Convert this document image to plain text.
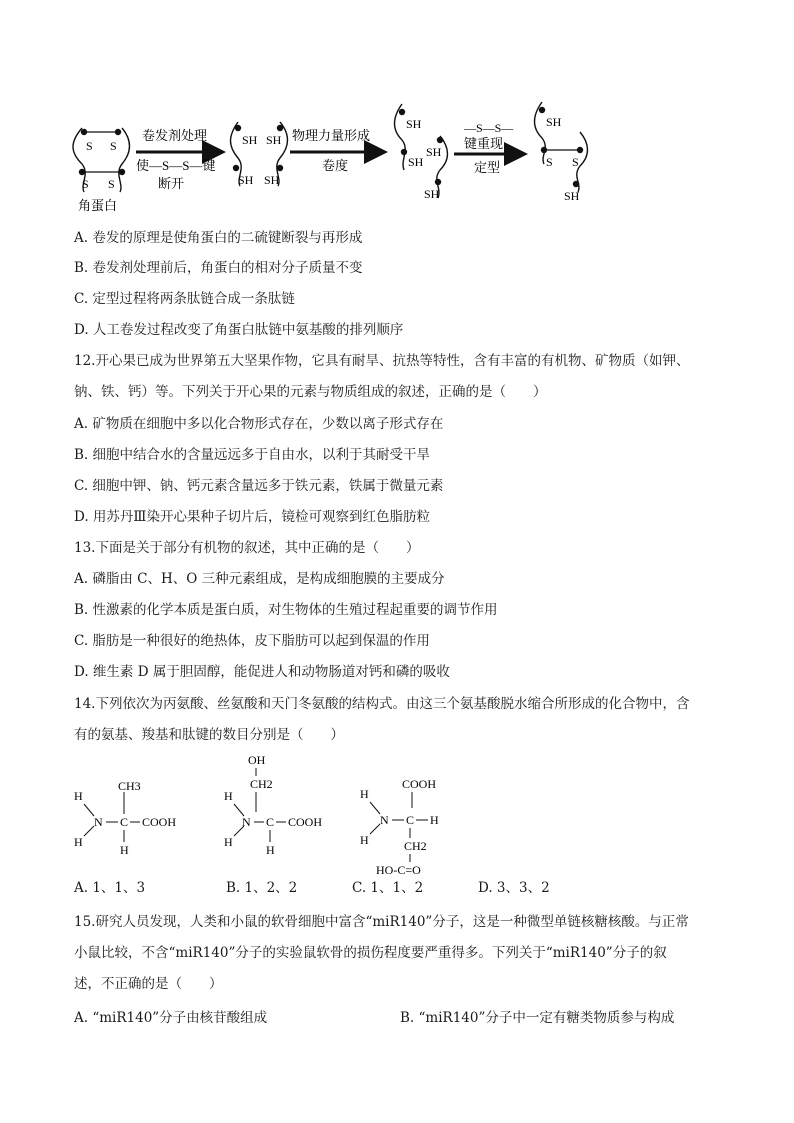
S S
S S
角蛋白
卷发剂处理
使—S—S—键
断开
SH SH
SH SH
物理力量形成
卷度
SH
SH
SH
SH
—S—S—
键重现
定型
SH
S S
SH
A. 卷发的原理是使角蛋白的二硫键断裂与再形成
B. 卷发剂处理前后，角蛋白的相对分子质量不变
C. 定型过程将两条肽链合成一条肽链
D. 人工卷发过程改变了角蛋白肽链中氨基酸的排列顺序
12.开心果已成为世界第五大坚果作物，它具有耐旱、抗热等特性，含有丰富的有机物、矿物质（如钾、
钠、铁、钙）等。下列关于开心果的元素与物质组成的叙述，正确的是（　　）
A. 矿物质在细胞中多以化合物形式存在，少数以离子形式存在
B. 细胞中结合水的含量远远多于自由水，以利于其耐受干旱
C. 细胞中钾、钠、钙元素含量远多于铁元素，铁属于微量元素
D. 用苏丹Ⅲ染开心果种子切片后，镜检可观察到红色脂肪粒
13.下面是关于部分有机物的叙述，其中正确的是（　　）
A. 磷脂由 C、H、O 三种元素组成，是构成细胞膜的主要成分
B. 性激素的化学本质是蛋白质，对生物体的生殖过程起重要的调节作用
C. 脂肪是一种很好的绝热体，皮下脂肪可以起到保温的作用
D. 维生素 D 属于胆固醇，能促进人和动物肠道对钙和磷的吸收
14.下列依次为丙氨酸、丝氨酸和天门冬氨酸的结构式。由这三个氨基酸脱水缩合所形成的化合物中，含
有的氨基、羧基和肽键的数目分别是（　　）
H
H
N C
CH3
COOH
H
OH
CH2
H
H
N C COOH
H
COOH
H
H
N C H
CH2
HO-C=O
A. 1、1、3	B. 1、2、2	C. 1、1、2	D. 3、3、2
15.研究人员发现，人类和小鼠的软骨细胞中富含“miR140”分子，这是一种微型单链核糖核酸。与正常
小鼠比较，不含“miR140”分子的实验鼠软骨的损伤程度要严重得多。下列关于“miR140”分子的叙
述，不正确的是（　　）
A. “miR140”分子由核苷酸组成	B. “miR140”分子中一定有糖类物质参与构成
